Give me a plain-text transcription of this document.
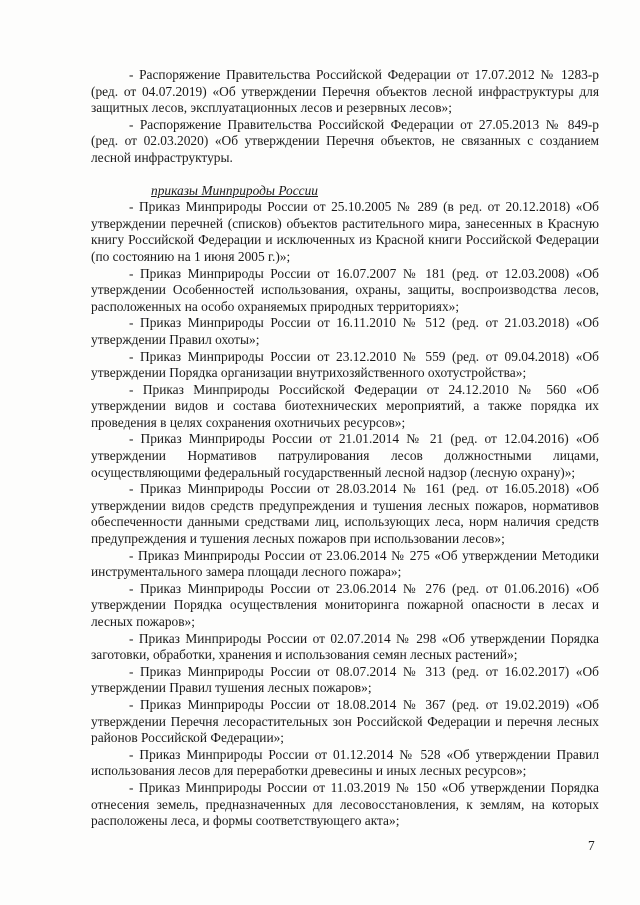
- Распоряжение Правительства Российской Федерации от 17.07.2012 № 1283-р (ред. от 04.07.2019) «Об утверждении Перечня объектов лесной инфраструктуры для защитных лесов, эксплуатационных лесов и резервных лесов»;

- Распоряжение Правительства Российской Федерации от 27.05.2013 № 849-р (ред. от 02.03.2020) «Об утверждении Перечня объектов, не связанных с созданием лесной инфраструктуры.

приказы Минприроды России

- Приказ Минприроды России от 25.10.2005 № 289 (в ред. от 20.12.2018) «Об утверждении перечней (списков) объектов растительного мира, занесенных в Красную книгу Российской Федерации и исключенных из Красной книги Российской Федерации (по состоянию на 1 июня 2005 г.)»;

- Приказ Минприроды России от 16.07.2007 № 181 (ред. от 12.03.2008) «Об утверждении Особенностей использования, охраны, защиты, воспроизводства лесов, расположенных на особо охраняемых природных территориях»;

- Приказ Минприроды России от 16.11.2010 № 512 (ред. от 21.03.2018) «Об утверждении Правил охоты»;

- Приказ Минприроды России от 23.12.2010 № 559 (ред. от 09.04.2018) «Об утверждении Порядка организации внутрихозяйственного охотустройства»;

- Приказ Минприроды Российской Федерации от 24.12.2010 № 560 «Об утверждении видов и состава биотехнических мероприятий, а также порядка их проведения в целях сохранения охотничьих ресурсов»;

- Приказ Минприроды России от 21.01.2014 № 21 (ред. от 12.04.2016) «Об утверждении Нормативов патрулирования лесов должностными лицами, осуществляющими федеральный государственный лесной надзор (лесную охрану)»;

- Приказ Минприроды России от 28.03.2014 № 161 (ред. от 16.05.2018) «Об утверждении видов средств предупреждения и тушения лесных пожаров, нормативов обеспеченности данными средствами лиц, использующих леса, норм наличия средств предупреждения и тушения лесных пожаров при использовании лесов»;

- Приказ Минприроды России от 23.06.2014 № 275 «Об утверждении Методики инструментального замера площади лесного пожара»;

- Приказ Минприроды России от 23.06.2014 № 276 (ред. от 01.06.2016) «Об утверждении Порядка осуществления мониторинга пожарной опасности в лесах и лесных пожаров»;

- Приказ Минприроды России от 02.07.2014 № 298 «Об утверждении Порядка заготовки, обработки, хранения и использования семян лесных растений»;

- Приказ Минприроды России от 08.07.2014 № 313 (ред. от 16.02.2017) «Об утверждении Правил тушения лесных пожаров»;

- Приказ Минприроды России от 18.08.2014 № 367 (ред. от 19.02.2019) «Об утверждении Перечня лесорастительных зон Российской Федерации и перечня лесных районов Российской Федерации»;

- Приказ Минприроды России от 01.12.2014 № 528 «Об утверждении Правил использования лесов для переработки древесины и иных лесных ресурсов»;

- Приказ Минприроды России от 11.03.2019 № 150 «Об утверждении Порядка отнесения земель, предназначенных для лесовосстановления, к землям, на которых расположены леса, и формы соответствующего акта»;

7
